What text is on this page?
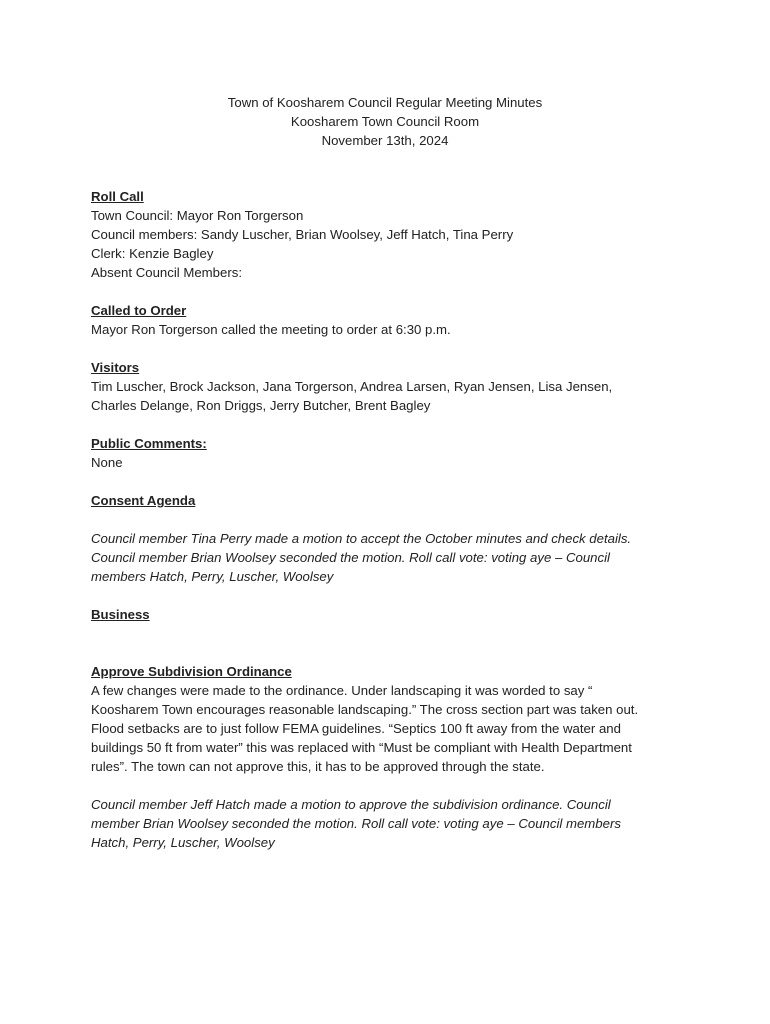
Town of Koosharem Council Regular Meeting Minutes
Koosharem Town Council Room
November 13th, 2024
Roll Call
Town Council: Mayor Ron Torgerson
Council members: Sandy Luscher, Brian Woolsey, Jeff Hatch, Tina Perry
Clerk: Kenzie Bagley
Absent Council Members:
Called to Order
Mayor Ron Torgerson called the meeting to order at 6:30 p.m.
Visitors
Tim Luscher, Brock Jackson, Jana Torgerson, Andrea Larsen, Ryan Jensen, Lisa Jensen,
Charles Delange, Ron Driggs, Jerry Butcher, Brent Bagley
Public Comments:
None
Consent Agenda
Council member Tina Perry made a motion to accept the October minutes and check details.
Council member Brian Woolsey seconded the motion. Roll call vote: voting aye – Council
members Hatch, Perry, Luscher, Woolsey
Business
Approve Subdivision Ordinance
A few changes were made to the ordinance. Under landscaping it was worded to say “
Koosharem Town encourages reasonable landscaping.” The cross section part was taken out.
Flood setbacks are to just follow FEMA guidelines. “Septics 100 ft away from the water and
buildings 50 ft from water” this was replaced with “Must be compliant with Health Department
rules”. The town can not approve this, it has to be approved through the state.
Council member Jeff Hatch made a motion to approve the subdivision ordinance. Council
member Brian Woolsey seconded the motion. Roll call vote: voting aye – Council members
Hatch, Perry, Luscher, Woolsey
